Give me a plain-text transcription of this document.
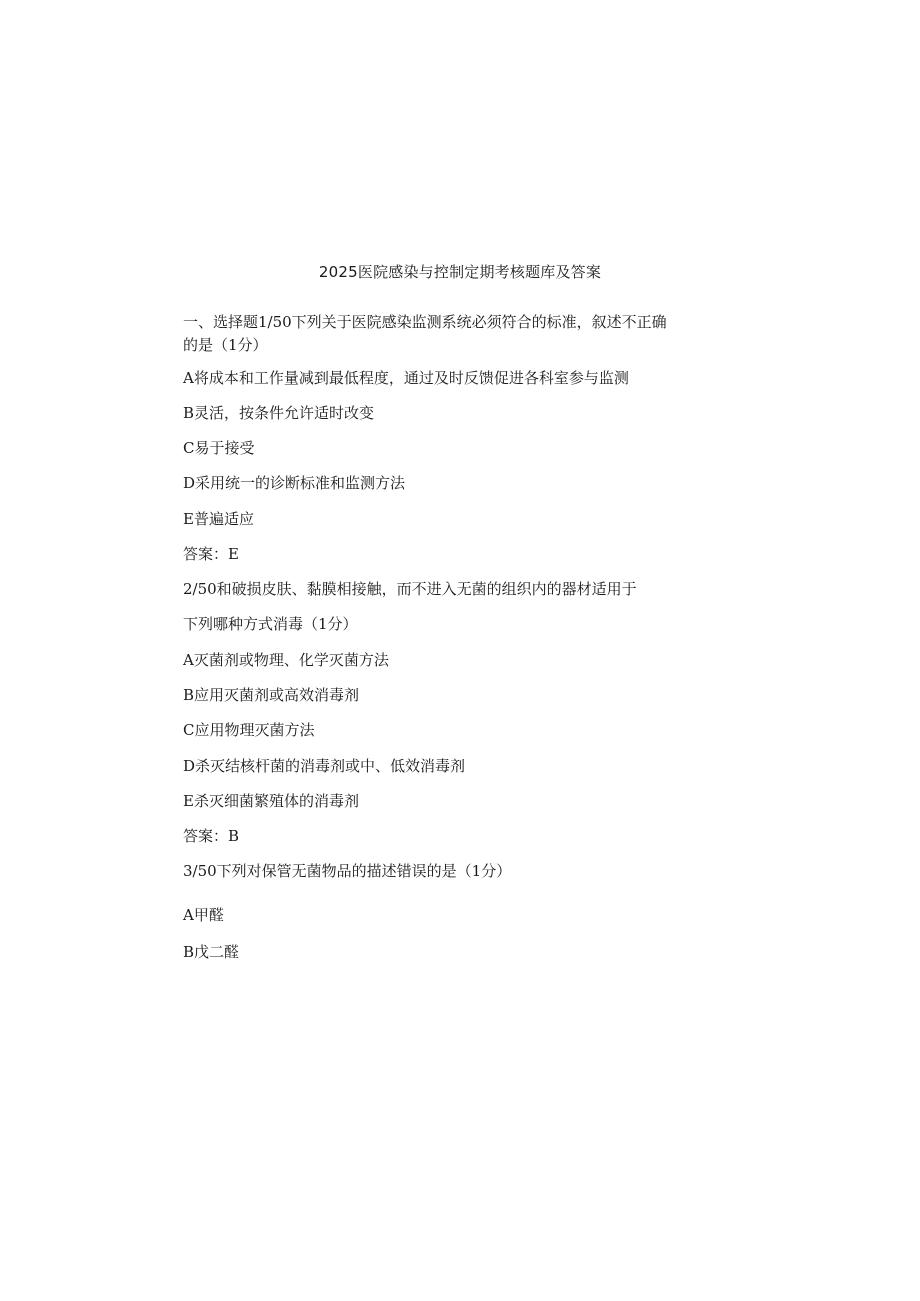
2025医院感染与控制定期考核题库及答案
一、选择题1/50下列关于医院感染监测系统必须符合的标准，叙述不正确
的是（1分）
A将成本和工作量减到最低程度，通过及时反馈促进各科室参与监测
B灵活，按条件允许适时改变
C易于接受
D采用统一的诊断标准和监测方法
E普遍适应
答案：E
2/50和破损皮肤、黏膜相接触，而不进入无菌的组织内的器材适用于
下列哪种方式消毒（1分）
A灭菌剂或物理、化学灭菌方法
B应用灭菌剂或高效消毒剂
C应用物理灭菌方法
D杀灭结核杆菌的消毒剂或中、低效消毒剂
E杀灭细菌繁殖体的消毒剂
答案：B
3/50下列对保管无菌物品的描述错误的是（1分）
A甲醛
B戊二醛
